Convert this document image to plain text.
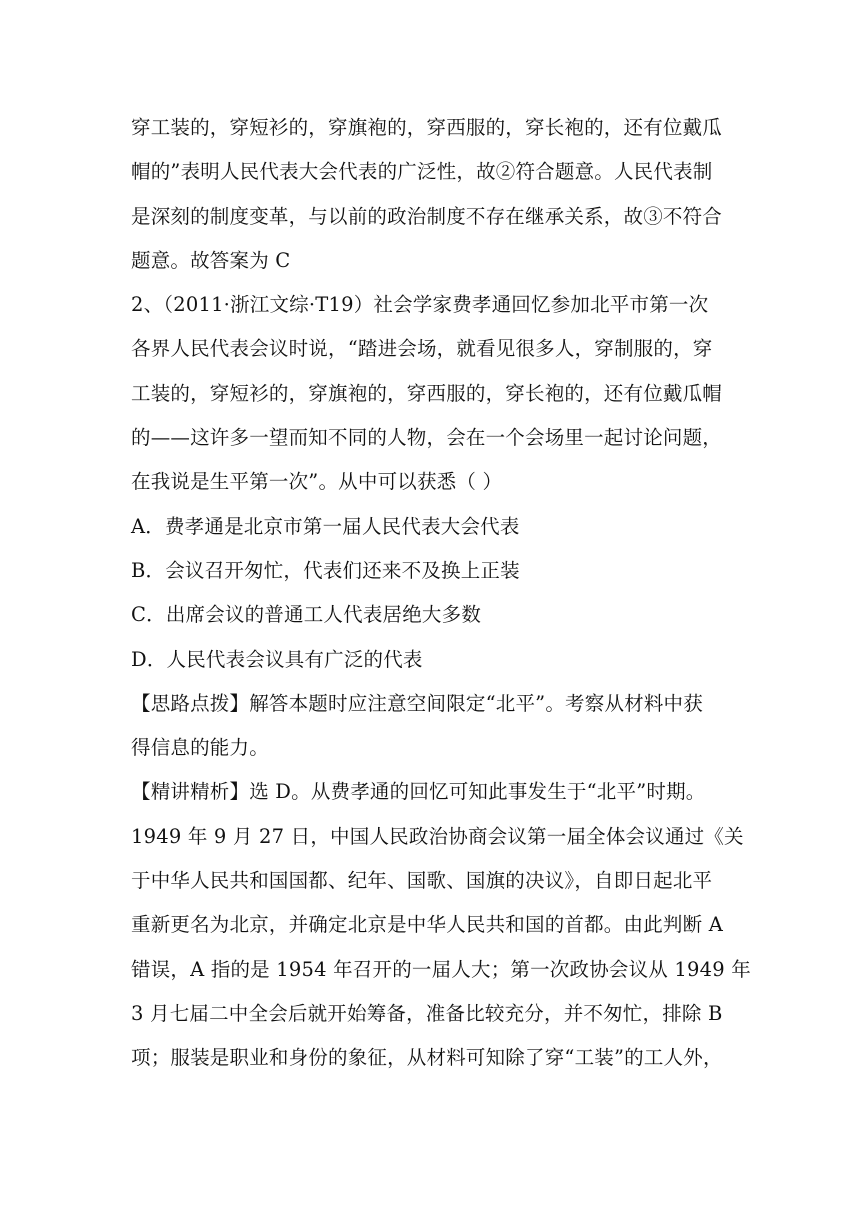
穿工装的，穿短衫的，穿旗袍的，穿西服的，穿长袍的，还有位戴瓜
帽的”表明人民代表大会代表的广泛性，故②符合题意。人民代表制
是深刻的制度变革，与以前的政治制度不存在继承关系，故③不符合
题意。故答案为 C
2、（2011·浙江文综·T19）社会学家费孝通回忆参加北平市第一次
各界人民代表会议时说，“踏进会场，就看见很多人，穿制服的，穿
工装的，穿短衫的，穿旗袍的，穿西服的，穿长袍的，还有位戴瓜帽
的——这许多一望而知不同的人物，会在一个会场里一起讨论问题，
在我说是生平第一次”。从中可以获悉（ ）
A．费孝通是北京市第一届人民代表大会代表
B．会议召开匆忙，代表们还来不及换上正装
C．出席会议的普通工人代表居绝大多数
D．人民代表会议具有广泛的代表
【思路点拨】解答本题时应注意空间限定“北平”。考察从材料中获
得信息的能力。
【精讲精析】选 D。从费孝通的回忆可知此事发生于“北平”时期。
1949 年 9 月 27 日，中国人民政治协商会议第一届全体会议通过《关
于中华人民共和国国都、纪年、国歌、国旗的决议》，自即日起北平
重新更名为北京，并确定北京是中华人民共和国的首都。由此判断 A
错误，A 指的是 1954 年召开的一届人大；第一次政协会议从 1949 年
3 月七届二中全会后就开始筹备，准备比较充分，并不匆忙，排除 B
项；服装是职业和身份的象征，从材料可知除了穿“工装”的工人外，
